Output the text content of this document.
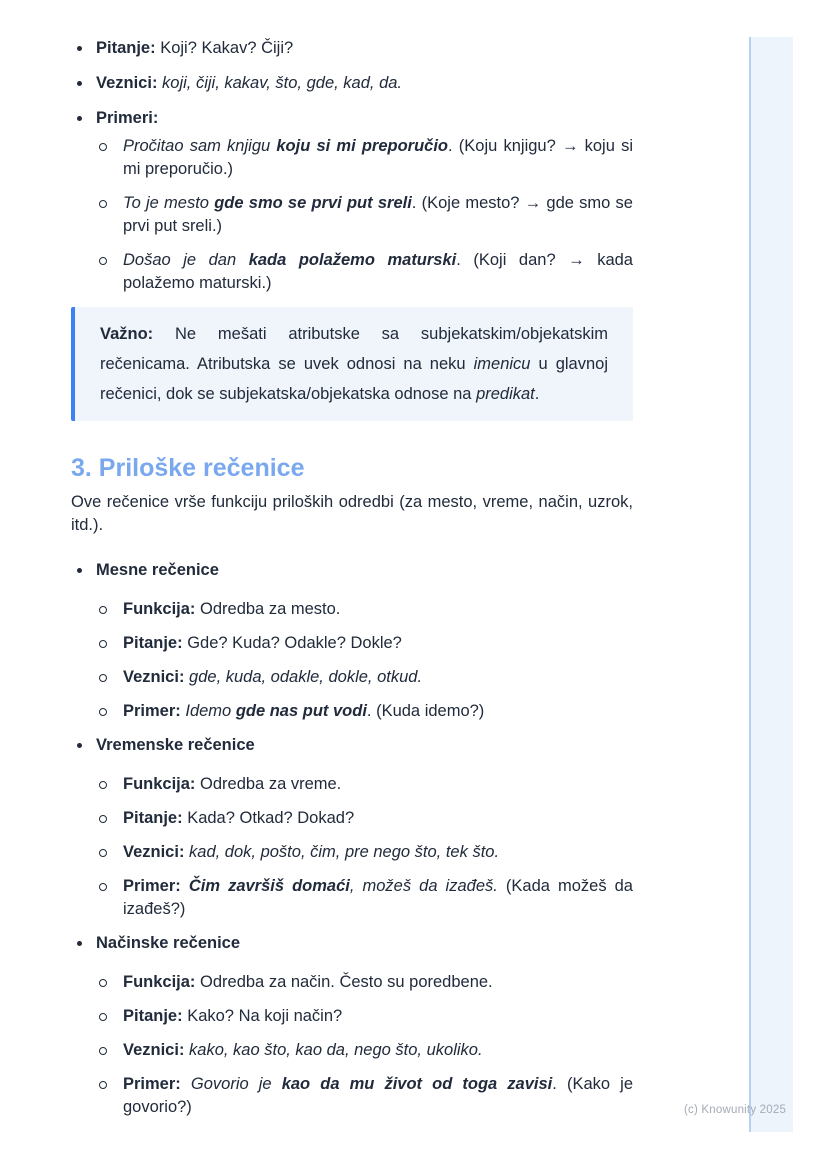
Pitanje: Koji? Kakav? Čiji?
Veznici: koji, čiji, kakav, što, gde, kad, da.
Primeri:
Pročitao sam knjigu koju si mi preporučio. (Koju knjigu? → koju si mi preporučio.)
To je mesto gde smo se prvi put sreli. (Koje mesto? → gde smo se prvi put sreli.)
Došao je dan kada polažemo maturski. (Koji dan? → kada polažemo maturski.)
Važno: Ne mešati atributske sa subjekatskim/objekatskim rečenicama. Atributska se uvek odnosi na neku imenicu u glavnoj rečenici, dok se subjekatska/objekatska odnose na predikat.
3. Priloške rečenice

Ove rečenice vrše funkciju priloških odredbi (za mesto, vreme, način, uzrok, itd.).

Mesne rečenice
Funkcija: Odredba za mesto.
Pitanje: Gde? Kuda? Odakle? Dokle?
Veznici: gde, kuda, odakle, dokle, otkud.
Primer: Idemo gde nas put vodi. (Kuda idemo?)
Vremenske rečenice
Funkcija: Odredba za vreme.
Pitanje: Kada? Otkad? Dokad?
Veznici: kad, dok, pošto, čim, pre nego što, tek što.
Primer: Čim završiš domaći, možeš da izađeš. (Kada možeš da izađeš?)
Načinske rečenice
Funkcija: Odredba za način. Često su poredbene.
Pitanje: Kako? Na koji način?
Veznici: kako, kao što, kao da, nego što, ukoliko.
Primer: Govorio je kao da mu život od toga zavisi. (Kako je govorio?)	(c) Knowunity 2025
